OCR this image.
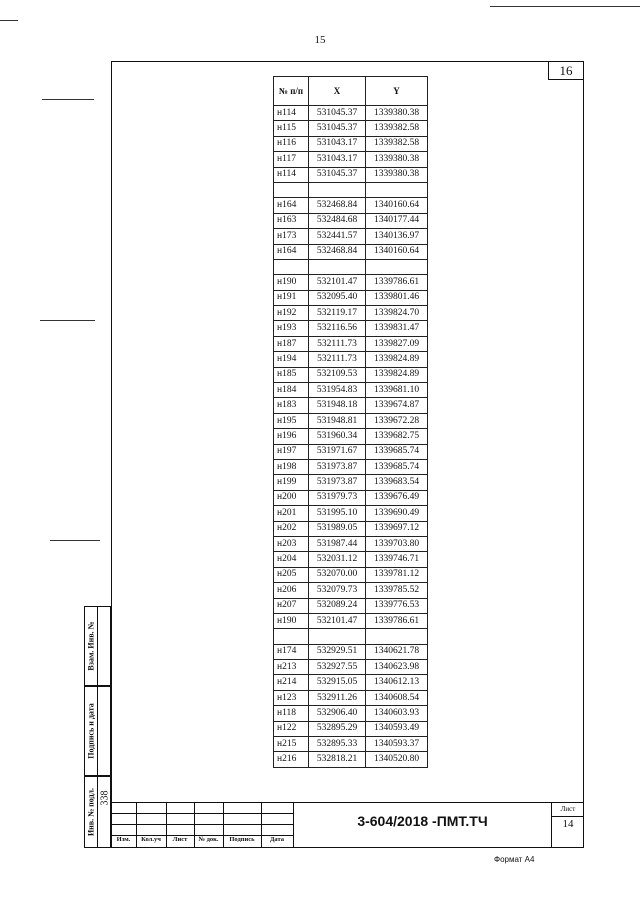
15
16
№ п/п	X	Y
н114	531045.37	1339380.38
н115	531045.37	1339382.58
н116	531043.17	1339382.58
н117	531043.17	1339380.38
н114	531045.37	1339380.38

н164	532468.84	1340160.64
н163	532484.68	1340177.44
н173	532441.57	1340136.97
н164	532468.84	1340160.64

н190	532101.47	1339786.61
н191	532095.40	1339801.46
н192	532119.17	1339824.70
н193	532116.56	1339831.47
н187	532111.73	1339827.09
н194	532111.73	1339824.89
н185	532109.53	1339824.89
н184	531954.83	1339681.10
н183	531948.18	1339674.87
н195	531948.81	1339672.28
н196	531960.34	1339682.75
н197	531971.67	1339685.74
н198	531973.87	1339685.74
н199	531973.87	1339683.54
н200	531979.73	1339676.49
н201	531995.10	1339690.49
н202	531989.05	1339697.12
н203	531987.44	1339703.80
н204	532031.12	1339746.71
н205	532070.00	1339781.12
н206	532079.73	1339785.52
н207	532089.24	1339776.53
н190	532101.47	1339786.61

н174	532929.51	1340621.78
н213	532927.55	1340623.98
н214	532915.05	1340612.13
н123	532911.26	1340608.54
н118	532906.40	1340603.93
н122	532895.29	1340593.49
н215	532895.33	1340593.37
н216	532818.21	1340520.80
Взам. Инв. №
Подпись и дата
Инв. № подл. 338
Изм.	Кол.уч	Лист	№ док.	Подпись	Дата
3-604/2018 -ПМТ.ТЧ
Лист
14
Формат А4
